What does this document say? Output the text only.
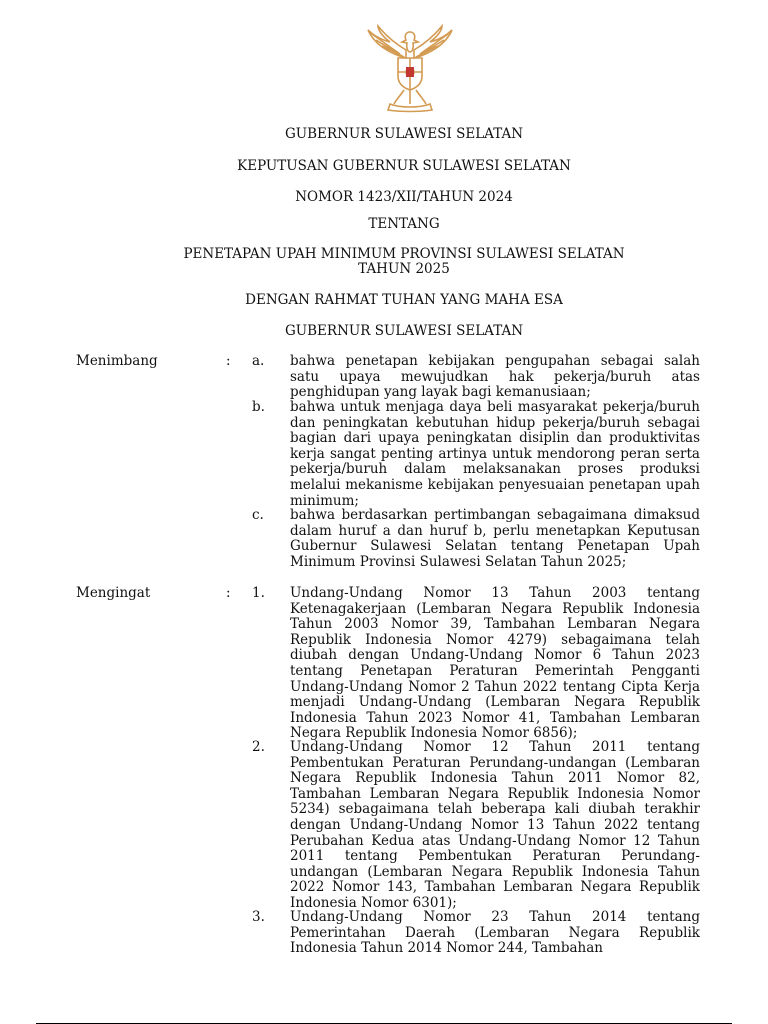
GUBERNUR SULAWESI SELATAN
KEPUTUSAN GUBERNUR SULAWESI SELATAN
NOMOR 1423/XII/TAHUN 2024
TENTANG
PENETAPAN UPAH MINIMUM PROVINSI SULAWESI SELATAN
TAHUN 2025
DENGAN RAHMAT TUHAN YANG MAHA ESA
GUBERNUR SULAWESI SELATAN
Menimbang	: a. bahwa penetapan kebijakan pengupahan sebagai salah satu upaya mewujudkan hak pekerja/buruh atas penghidupan yang layak bagi kemanusiaan;
b. bahwa untuk menjaga daya beli masyarakat pekerja/buruh dan peningkatan kebutuhan hidup pekerja/buruh sebagai bagian dari upaya peningkatan disiplin dan produktivitas kerja sangat penting artinya untuk mendorong peran serta pekerja/buruh dalam melaksanakan proses produksi melalui mekanisme kebijakan penyesuaian penetapan upah minimum;
c. bahwa berdasarkan pertimbangan sebagaimana dimaksud dalam huruf a dan huruf b, perlu menetapkan Keputusan Gubernur Sulawesi Selatan tentang Penetapan Upah Minimum Provinsi Sulawesi Selatan Tahun 2025;
Mengingat	: 1. Undang-Undang Nomor 13 Tahun 2003 tentang Ketenagakerjaan (Lembaran Negara Republik Indonesia Tahun 2003 Nomor 39, Tambahan Lembaran Negara Republik Indonesia Nomor 4279) sebagaimana telah diubah dengan Undang-Undang Nomor 6 Tahun 2023 tentang Penetapan Peraturan Pemerintah Pengganti Undang-Undang Nomor 2 Tahun 2022 tentang Cipta Kerja menjadi Undang-Undang (Lembaran Negara Republik Indonesia Tahun 2023 Nomor 41, Tambahan Lembaran Negara Republik Indonesia Nomor 6856);
2. Undang-Undang Nomor 12 Tahun 2011 tentang Pembentukan Peraturan Perundang-undangan (Lembaran Negara Republik Indonesia Tahun 2011 Nomor 82, Tambahan Lembaran Negara Republik Indonesia Nomor 5234) sebagaimana telah beberapa kali diubah terakhir dengan Undang-Undang Nomor 13 Tahun 2022 tentang Perubahan Kedua atas Undang-Undang Nomor 12 Tahun 2011 tentang Pembentukan Peraturan Perundang-undangan (Lembaran Negara Republik Indonesia Tahun 2022 Nomor 143, Tambahan Lembaran Negara Republik Indonesia Nomor 6301);
3. Undang-Undang Nomor 23 Tahun 2014 tentang Pemerintahan Daerah (Lembaran Negara Republik Indonesia Tahun 2014 Nomor 244, Tambahan
